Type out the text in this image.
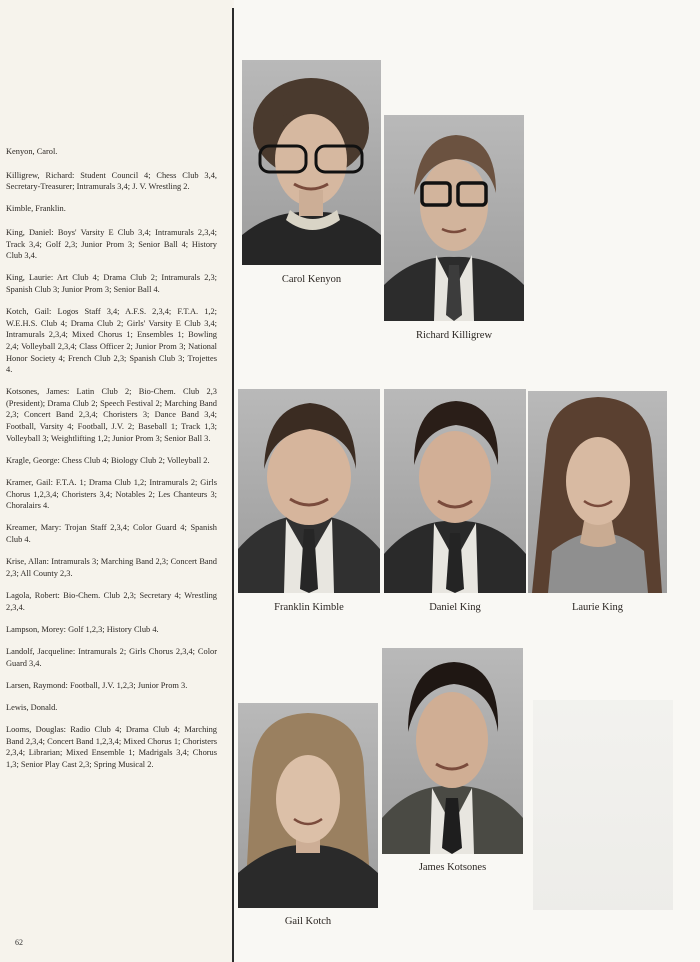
Kenyon, Carol.

Killigrew, Richard: Student Council 4; Chess Club 3,4, Secretary-Treasurer; Intramurals 3,4; J. V. Wrestling 2.

Kimble, Franklin.

King, Daniel: Boys' Varsity E Club 3,4; Intramurals 2,3,4; Track 3,4; Golf 2,3; Junior Prom 3; Senior Ball 4; History Club 3,4.

King, Laurie: Art Club 4; Drama Club 2; Intramurals 2,3; Spanish Club 3; Junior Prom 3; Senior Ball 4.

Kotch, Gail: Logos Staff 3,4; A.F.S. 2,3,4; F.T.A. 1,2; W.E.H.S. Club 4; Drama Club 2; Girls' Varsity E Club 3,4; Intramurals 2,3,4; Mixed Chorus 1; Ensembles 1; Bowling 2,4; Volleyball 2,3,4; Class Officer 2; Junior Prom 3; National Honor Society 4; French Club 2,3; Spanish Club 3; Trojettes 4.

Kotsones, James: Latin Club 2; Bio-Chem. Club 2,3 (President); Drama Club 2; Speech Festival 2; Marching Band 2,3; Concert Band 2,3,4; Choristers 3; Dance Band 3,4; Football, Varsity 4; Football, J.V. 2; Baseball 1; Track 1,3; Volleyball 3; Weightlifting 1,2; Junior Prom 3; Senior Ball 3.

Kragle, George: Chess Club 4; Biology Club 2; Volleyball 2.

Kramer, Gail: F.T.A. 1; Drama Club 1,2; Intramurals 2; Girls Chorus 1,2,3,4; Choristers 3,4; Notables 2; Les Chanteurs 3; Choralairs 4.

Kreamer, Mary: Trojan Staff 2,3,4; Color Guard 4; Spanish Club 4.

Krise, Allan: Intramurals 3; Marching Band 2,3; Concert Band 2,3; All County 2,3.

Lagola, Robert: Bio-Chem. Club 2,3; Secretary 4; Wrestling 2,3,4.

Lampson, Morey: Golf 1,2,3; History Club 4.

Landolf, Jacqueline: Intramurals 2; Girls Chorus 2,3,4; Color Guard 3,4.

Larsen, Raymond: Football, J.V. 1,2,3; Junior Prom 3.

Lewis, Donald.

Looms, Douglas: Radio Club 4; Drama Club 4; Marching Band 2,3,4; Concert Band 1,2,3,4; Mixed Chorus 1; Choristers 2,3,4; Librarian; Mixed Ensemble 1; Madrigals 3,4; Chorus 1,3; Senior Play Cast 2,3; Spring Musical 2.

62
Carol Kenyon
Richard Killigrew
Franklin Kimble	Daniel King	Laurie King
James Kotsones
Gail Kotch
